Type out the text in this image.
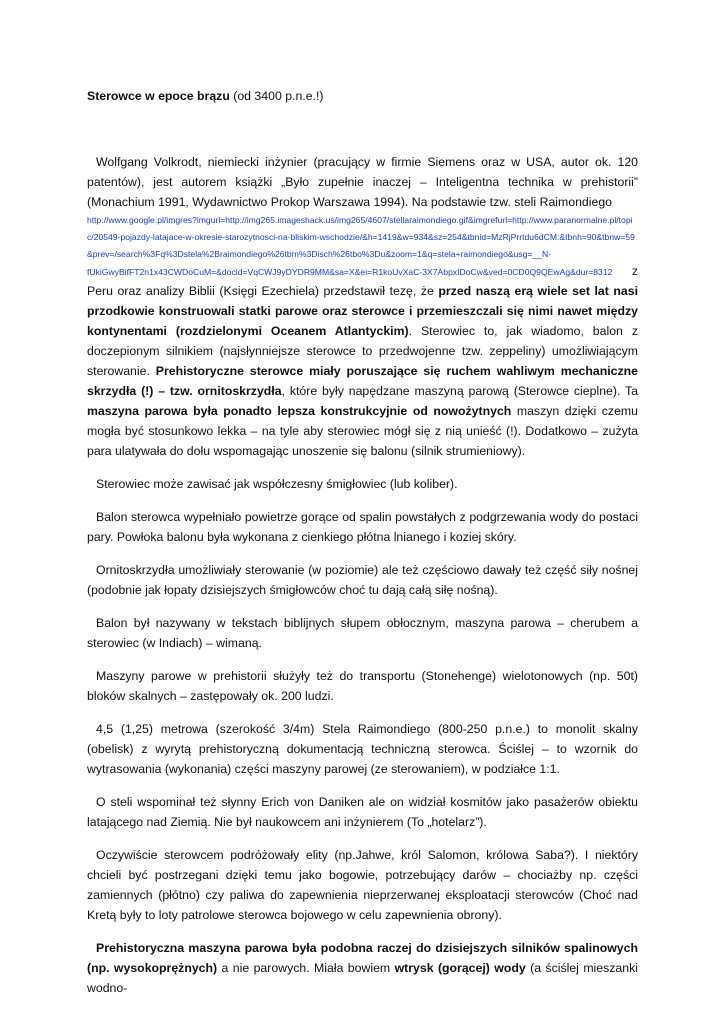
Sterowce w epoce brązu (od 3400 p.n.e.!)

Wolfgang Volkrodt, niemiecki inżynier (pracujący w firmie Siemens oraz w USA, autor ok. 120 patentów), jest autorem książki „Było zupełnie inaczej – Inteligentna technika w prehistorii” (Monachium 1991, Wydawnictwo Prokop Warszawa 1994). Na podstawie tzw. steli Raimondiego

http://www.google.pl/imgres?imgurl=http://img265.imageshack.us/img265/4607/stellaraimondiego.gif&imgrefurl=http://www.paranormalne.pl/topic/20549-pojazdy-latajace-w-okresie-starozytnosci-na-bliskim-wschodzie/&h=1419&w=934&sz=254&tbnid=MzRjPrrtdu6dCM:&tbnh=90&tbnw=59&prev=/search%3Fq%3Dstela%2Braimondiego%26tbm%3Disch%26tbo%3Du&zoom=1&q=stela+raimondiego&usg=__N-

fUkiGwyBifFT2n1x43CWDoCuM=&docid=VqCWJ9yDYDR9MM&sa=X&ei=R1koUvXaC-3X7AbpxIDoCw&ved=0CD0Q9QEwAg&dur=8312 z

Peru oraz analizy Biblii (Księgi Ezechiela) przedstawił tezę, że przed naszą erą wiele set lat nasi przodkowie konstruowali statki parowe oraz sterowce i przemieszczali się nimi nawet między kontynentami (rozdzielonymi Oceanem Atlantyckim). Sterowiec to, jak wiadomo, balon z doczepionym silnikiem (najsłynniejsze sterowce to przedwojenne tzw. zeppeliny) umożliwiającym sterowanie. Prehistoryczne sterowce miały poruszające się ruchem wahliwym mechaniczne skrzydła (!) – tzw. ornitoskrzydła, które były napędzane maszyną parową (Sterowce cieplne). Ta maszyna parowa była ponadto lepsza konstrukcyjnie od nowożytnych maszyn dzięki czemu mogła być stosunkowo lekka – na tyle aby sterowiec mógł się z nią unieść (!). Dodatkowo – zużyta para ulatywała do dołu wspomagając unoszenie się balonu (silnik strumieniowy).

Sterowiec może zawisać jak współczesny śmigłowiec (lub koliber).

Balon sterowca wypełniało powietrze gorące od spalin powstałych z podgrzewania wody do postaci pary. Powłoka balonu była wykonana z cienkiego płótna lnianego i koziej skóry.

Ornitoskrzydła umożliwiały sterowanie (w poziomie) ale też częściowo dawały też część siły nośnej (podobnie jak łopaty dzisiejszych śmigłowców choć tu dają całą siłę nośną).

Balon był nazywany w tekstach biblijnych słupem obłocznym, maszyna parowa – cherubem a sterowiec (w Indiach) – wimaną.

Maszyny parowe w prehistorii służyły też do transportu (Stonehenge) wielotonowych (np. 50t) bloków skalnych – zastępowały ok. 200 ludzi.

4,5 (1,25) metrowa (szerokość 3/4m) Stela Raimondiego (800-250 p.n.e.) to monolit skalny (obelisk) z wyrytą prehistoryczną dokumentacją techniczną sterowca. Ściślej – to wzornik do wytrasowania (wykonania) części maszyny parowej (ze sterowaniem), w podziałce 1:1.

O steli wspominał też słynny Erich von Daniken ale on widział kosmitów jako pasażerów obiektu latającego nad Ziemią. Nie był naukowcem ani inżynierem (To „hotelarz”).

Oczywiście sterowcem podróżowały elity (np.Jahwe, król Salomon, królowa Saba?). I niektóry chcieli być postrzegani dzięki temu jako bogowie, potrzebujący darów – chociażby np. części zamiennych (płótno) czy paliwa do zapewnienia nieprzerwanej eksploatacji sterowców (Choć nad Kretą były to loty patrolowe sterowca bojowego w celu zapewnienia obrony).

Prehistoryczna maszyna parowa była podobna raczej do dzisiejszych silników spalinowych (np. wysokoprężnych) a nie parowych. Miała bowiem wtrysk (gorącej) wody (a ściślej mieszanki wodno-
